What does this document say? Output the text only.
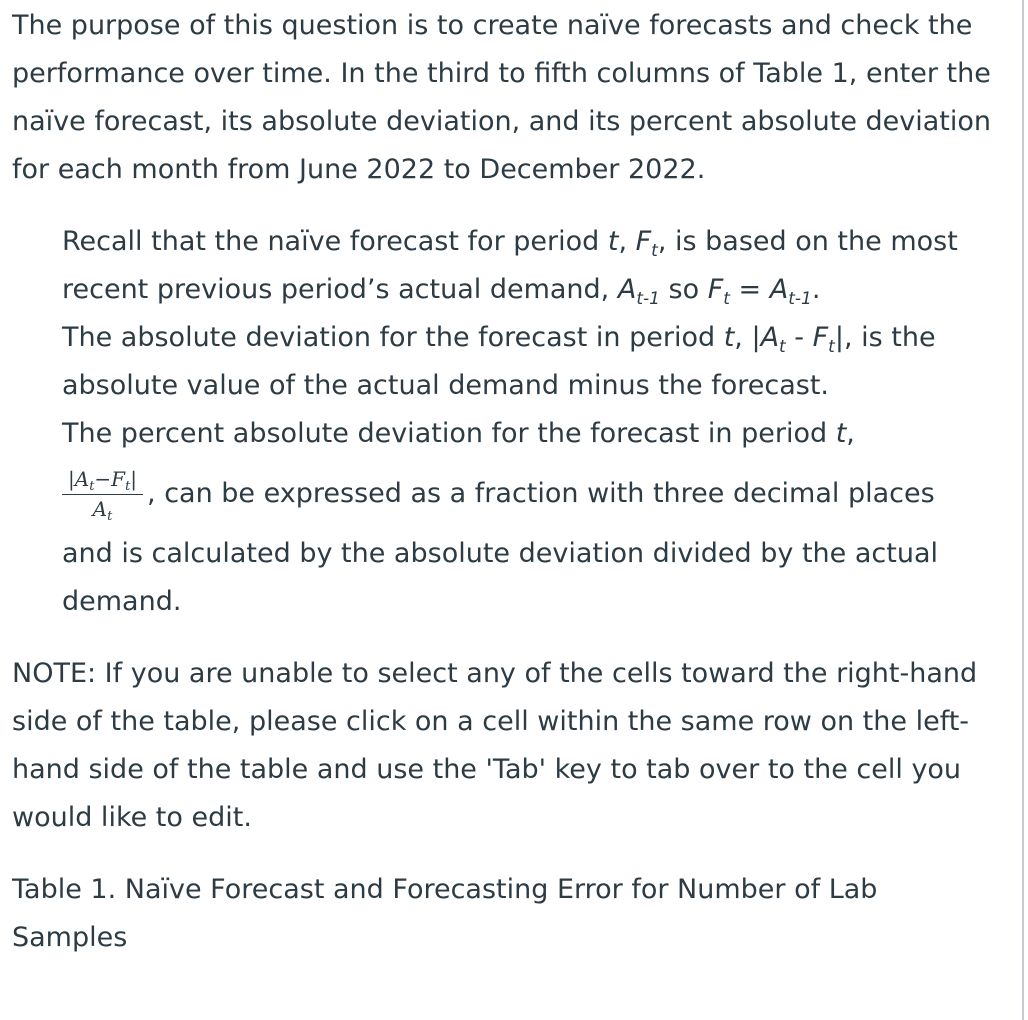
The purpose of this question is to create naïve forecasts and check the performance over time. In the third to fifth columns of Table 1, enter the naïve forecast, its absolute deviation, and its percent absolute deviation for each month from June 2022 to December 2022.

Recall that the naïve forecast for period t, $F_t$, is based on the most recent previous period’s actual demand, $A_{t-1}$ so $F_t = A_{t-1}$.

The absolute deviation for the forecast in period t, $|A_t - F_t|$, is the absolute value of the actual demand minus the forecast.

The percent absolute deviation for the forecast in period t,

$\frac{|A_t-F_t|}{A_t}$ , can be expressed as a fraction with three decimal places

and is calculated by the absolute deviation divided by the actual demand.

NOTE: If you are unable to select any of the cells toward the right-hand side of the table, please click on a cell within the same row on the left-hand side of the table and use the 'Tab' key to tab over to the cell you would like to edit.

Table 1. Naïve Forecast and Forecasting Error for Number of Lab Samples
